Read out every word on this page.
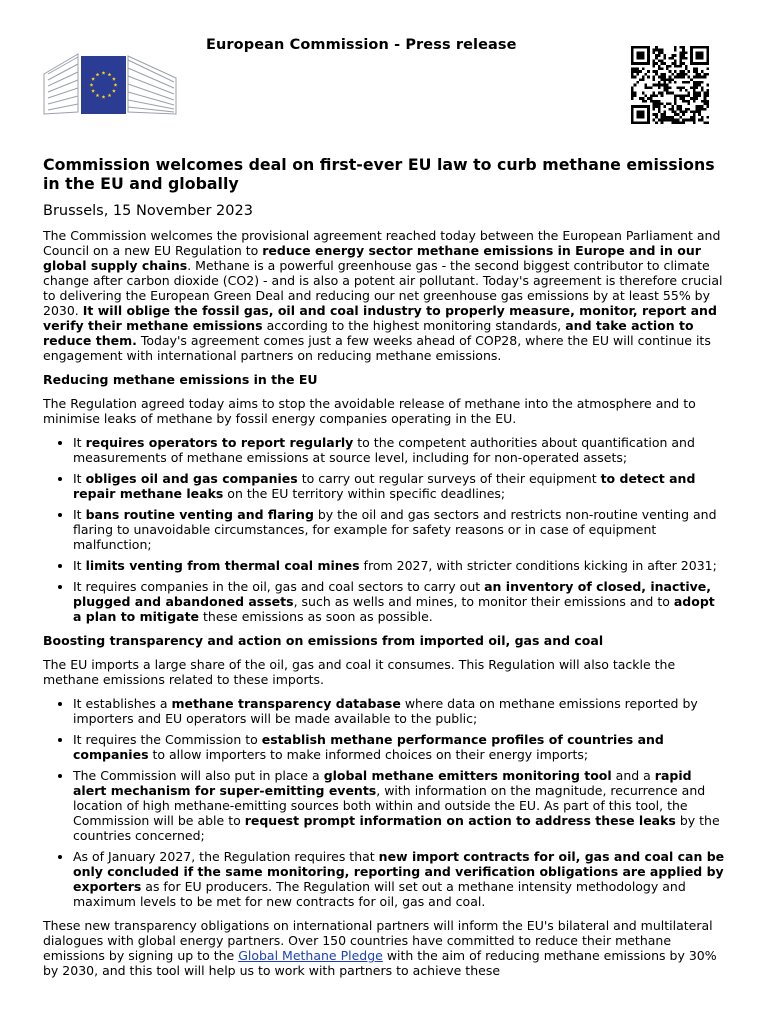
European Commission - Press release
Commission welcomes deal on first-ever EU law to curb methane emissions in the EU and globally
Brussels, 15 November 2023

The Commission welcomes the provisional agreement reached today between the European Parliament and Council on a new EU Regulation to reduce energy sector methane emissions in Europe and in our global supply chains. Methane is a powerful greenhouse gas - the second biggest contributor to climate change after carbon dioxide (CO2) - and is also a potent air pollutant. Today's agreement is therefore crucial to delivering the European Green Deal and reducing our net greenhouse gas emissions by at least 55% by 2030. It will oblige the fossil gas, oil and coal industry to properly measure, monitor, report and verify their methane emissions according to the highest monitoring standards, and take action to reduce them. Today's agreement comes just a few weeks ahead of COP28, where the EU will continue its engagement with international partners on reducing methane emissions.

Reducing methane emissions in the EU

The Regulation agreed today aims to stop the avoidable release of methane into the atmosphere and to minimise leaks of methane by fossil energy companies operating in the EU.

• It requires operators to report regularly to the competent authorities about quantification and measurements of methane emissions at source level, including for non-operated assets;
• It obliges oil and gas companies to carry out regular surveys of their equipment to detect and repair methane leaks on the EU territory within specific deadlines;
• It bans routine venting and flaring by the oil and gas sectors and restricts non-routine venting and flaring to unavoidable circumstances, for example for safety reasons or in case of equipment malfunction;
• It limits venting from thermal coal mines from 2027, with stricter conditions kicking in after 2031;
• It requires companies in the oil, gas and coal sectors to carry out an inventory of closed, inactive, plugged and abandoned assets, such as wells and mines, to monitor their emissions and to adopt a plan to mitigate these emissions as soon as possible.
Boosting transparency and action on emissions from imported oil, gas and coal

The EU imports a large share of the oil, gas and coal it consumes. This Regulation will also tackle the methane emissions related to these imports.

• It establishes a methane transparency database where data on methane emissions reported by importers and EU operators will be made available to the public;
• It requires the Commission to establish methane performance profiles of countries and companies to allow importers to make informed choices on their energy imports;
• The Commission will also put in place a global methane emitters monitoring tool and a rapid alert mechanism for super-emitting events, with information on the magnitude, recurrence and location of high methane-emitting sources both within and outside the EU. As part of this tool, the Commission will be able to request prompt information on action to address these leaks by the countries concerned;
• As of January 2027, the Regulation requires that new import contracts for oil, gas and coal can be only concluded if the same monitoring, reporting and verification obligations are applied by exporters as for EU producers. The Regulation will set out a methane intensity methodology and maximum levels to be met for new contracts for oil, gas and coal.

These new transparency obligations on international partners will inform the EU's bilateral and multilateral dialogues with global energy partners. Over 150 countries have committed to reduce their methane emissions by signing up to the Global Methane Pledge with the aim of reducing methane emissions by 30% by 2030, and this tool will help us to work with partners to achieve these
